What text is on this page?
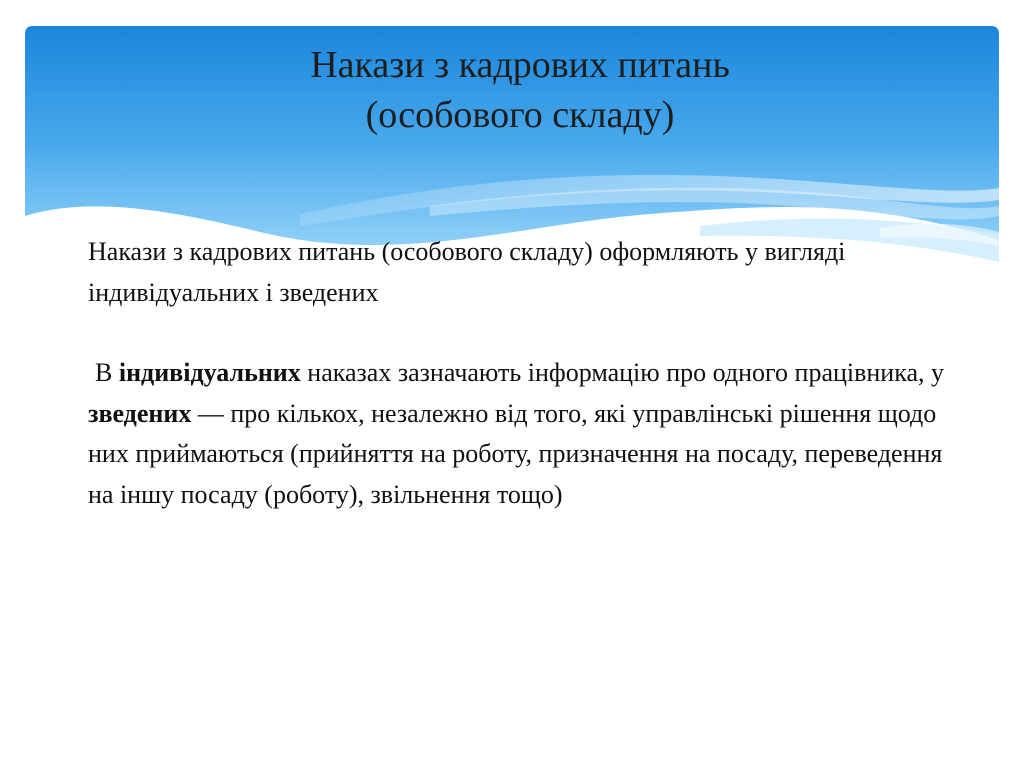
Накази з кадрових питань
(особового складу)

Накази з кадрових питань (особового складу) оформляють у вигляді індивідуальних і зведених

В індивідуальних наказах зазначають інформацію про одного працівника, у зведених — про кількох, незалежно від того, які управлінські рішення щодо них приймаються (прийняття на роботу, призначення на посаду, переведення на іншу посаду (роботу), звільнення тощо)
